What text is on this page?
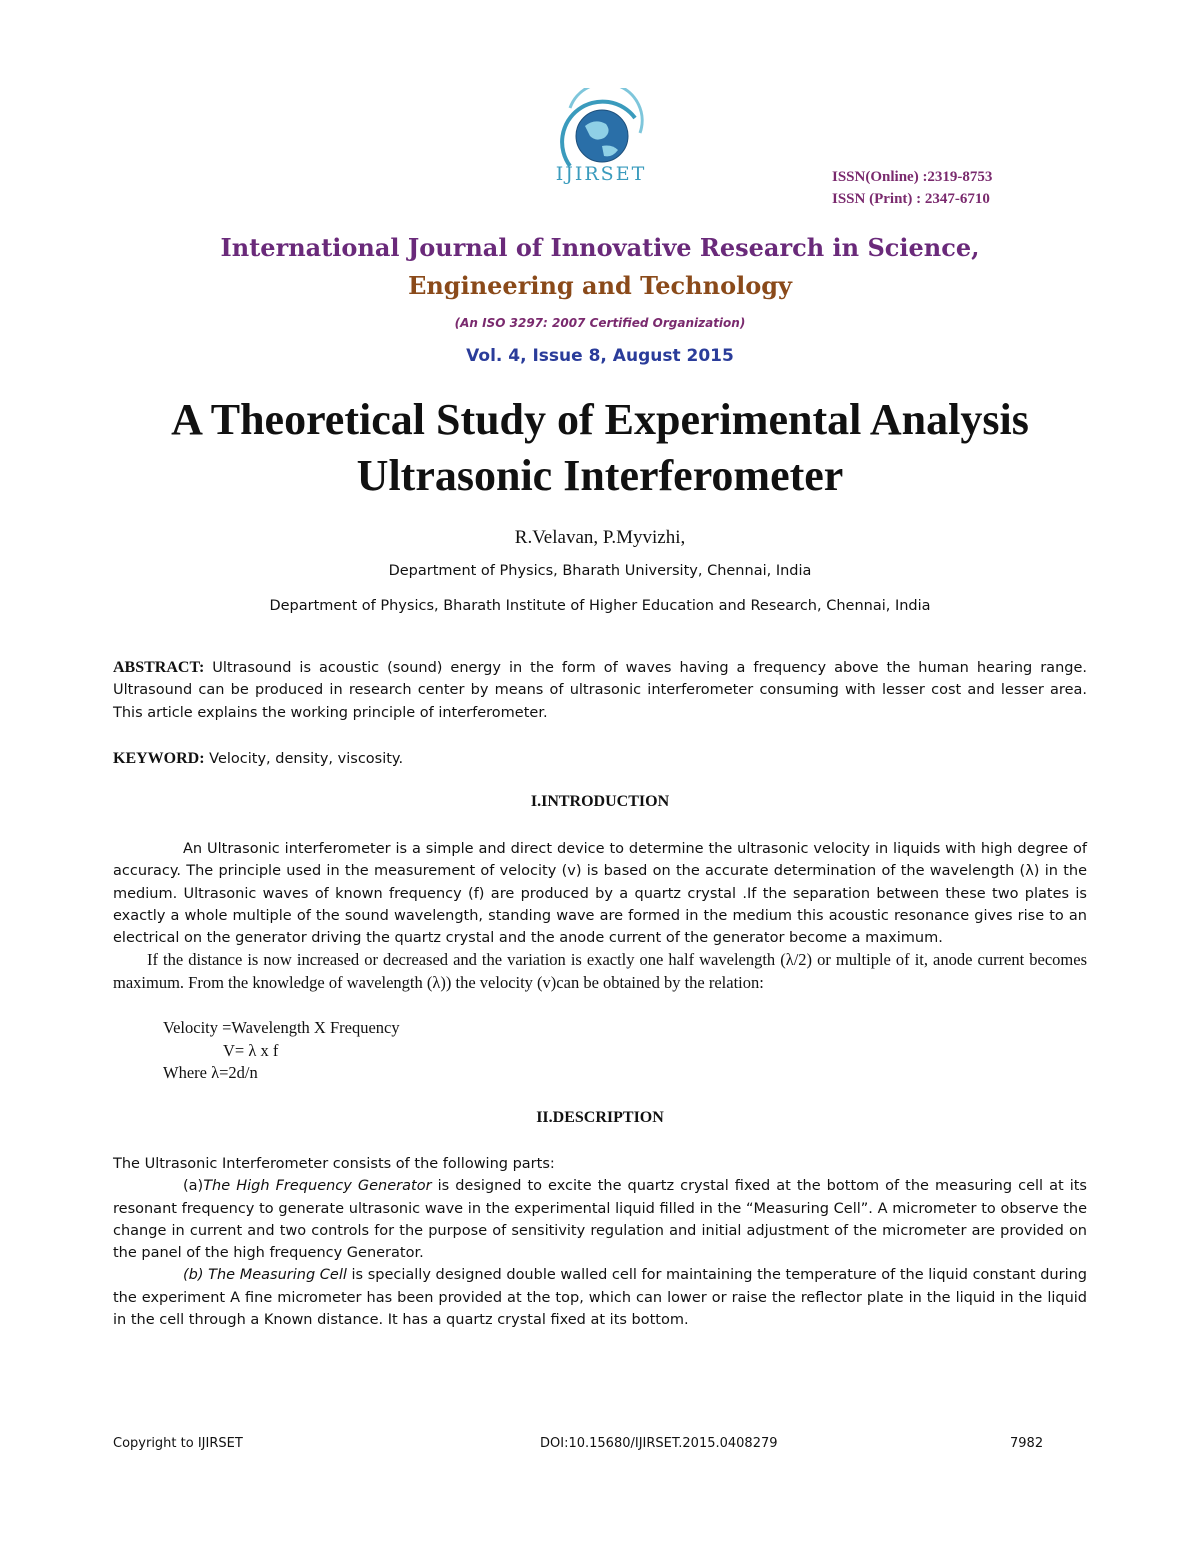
IJIRSET	ISSN(Online) :2319-8753
ISSN (Print) : 2347-6710
International Journal of Innovative Research in Science,
Engineering and Technology
(An ISO 3297: 2007 Certified Organization)
Vol. 4, Issue 8, August 2015
A Theoretical Study of Experimental Analysis
Ultrasonic Interferometer
R.Velavan, P.Myvizhi,
Department of Physics, Bharath University, Chennai, India
Department of Physics, Bharath Institute of Higher Education and Research, Chennai, India

ABSTRACT: Ultrasound is acoustic (sound) energy in the form of waves having a frequency above the human hearing range. Ultrasound can be produced in research center by means of ultrasonic interferometer consuming with lesser cost and lesser area. This article explains the working principle of interferometer.

KEYWORD: Velocity, density, viscosity.

I.INTRODUCTION

An Ultrasonic interferometer is a simple and direct device to determine the ultrasonic velocity in liquids with high degree of accuracy. The principle used in the measurement of velocity (v) is based on the accurate determination of the wavelength (λ) in the medium. Ultrasonic waves of known frequency (f) are produced by a quartz crystal .If the separation between these two plates is exactly a whole multiple of the sound wavelength, standing wave are formed in the medium this acoustic resonance gives rise to an electrical on the generator driving the quartz crystal and the anode current of the generator become a maximum.

If the distance is now increased or decreased and the variation is exactly one half wavelength (λ/2) or multiple of it, anode current becomes maximum. From the knowledge of wavelength (λ)) the velocity (v)can be obtained by the relation:

Velocity =Wavelength X Frequency
V= λ x f
Where λ=2d/n
II.DESCRIPTION

The Ultrasonic Interferometer consists of the following parts:

(a)The High Frequency Generator is designed to excite the quartz crystal fixed at the bottom of the measuring cell at its resonant frequency to generate ultrasonic wave in the experimental liquid filled in the “Measuring Cell”. A micrometer to observe the change in current and two controls for the purpose of sensitivity regulation and initial adjustment of the micrometer are provided on the panel of the high frequency Generator.

(b) The Measuring Cell is specially designed double walled cell for maintaining the temperature of the liquid constant during the experiment A fine micrometer has been provided at the top, which can lower or raise the reflector plate in the liquid in the liquid in the cell through a Known distance. It has a quartz crystal fixed at its bottom.

Copyright to IJIRSET	DOI:10.15680/IJIRSET.2015.0408279	7982
